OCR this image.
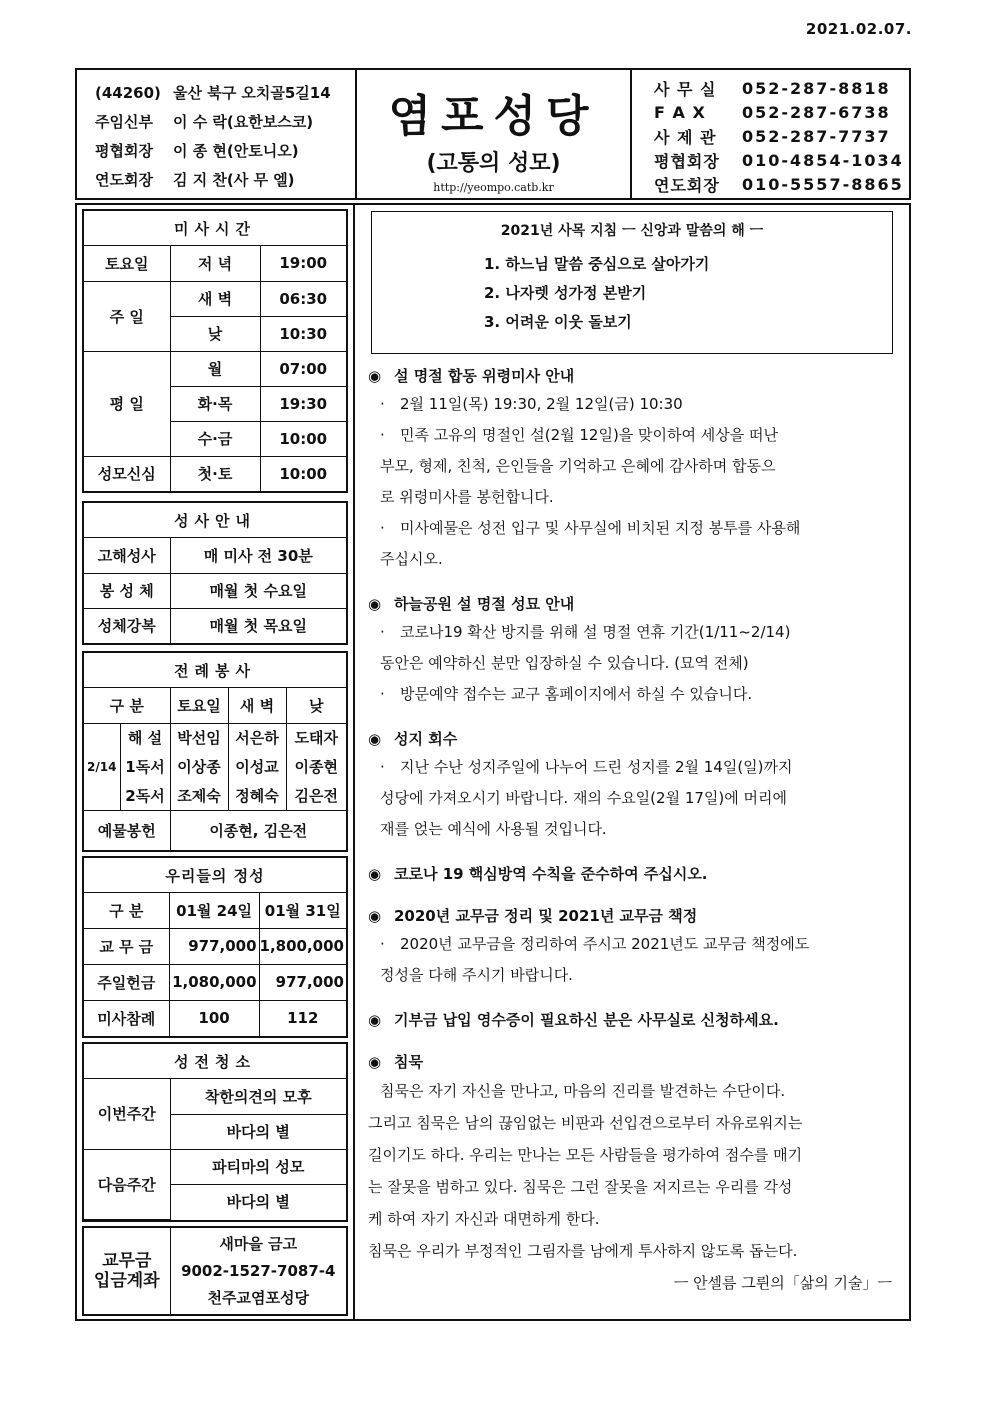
2021.02.07.
(44260) 울산 북구 오치골5길14
주임신부	이 수 락(요한보스코)
평협회장	이 종 현(안토니오)
연도회장	김 지 찬(사 무 엘)
염포성당
(고통의 성모)
http://yeompo.catb.kr
사 무 실	052-287-8818
F A X	052-287-6738
사 제 관	052-287-7737
평협회장	010-4854-1034
연도회장	010-5557-8865
미사시간
토요일	저 녁	19:00
주 일	새 벽	06:30
	낮	10:30
평 일	월	07:00
	화·목	19:30
	수·금	10:00
성모신심	첫·토	10:00
성사안내
고해성사	매 미사 전 30분
봉 성 체	매월 첫 수요일
성체강복	매월 첫 목요일
전례봉사
구 분		토요일	새 벽	낮
2/14	해 설	박선임	서은하	도태자
	1독서	이상종	이성교	이종현
	2독서	조제숙	정혜숙	김은전
예물봉헌		이종현, 김은전		
우리들의 정성
구 분	01월 24일	01월 31일
교 무 금	977,000	1,800,000
주일헌금	1,080,000	977,000
미사참례	100	112
성전청소
이번주간	착한의견의 모후
	바다의 별
다음주간	파티마의 성모
	바다의 별
교무금
입금계좌

새마을 금고
9002-1527-7087-4
천주교염포성당
2021년 사목 지침 ㅡ 신앙과 말씀의 해 ㅡ
1. 하느님 말씀 중심으로 살아가기
2. 나자렛 성가정 본받기
3. 어려운 이웃 돌보기
◉ 설 명절 합동 위령미사 안내
· 2월 11일(목) 19:30, 2월 12일(금) 10:30
· 민족 고유의 명절인 설(2월 12일)을 맞이하여 세상을 떠난
부모, 형제, 친척, 은인들을 기억하고 은혜에 감사하며 합동으
로 위령미사를 봉헌합니다.
· 미사예물은 성전 입구 및 사무실에 비치된 지정 봉투를 사용해
주십시오.
◉ 하늘공원 설 명절 성묘 안내
· 코로나19 확산 방지를 위해 설 명절 연휴 기간(1/11~2/14)
동안은 예약하신 분만 입장하실 수 있습니다. (묘역 전체)
· 방문예약 접수는 교구 홈페이지에서 하실 수 있습니다.
◉ 성지 회수
· 지난 수난 성지주일에 나누어 드린 성지를 2월 14일(일)까지
성당에 가져오시기 바랍니다. 재의 수요일(2월 17일)에 머리에
재를 얹는 예식에 사용될 것입니다.
◉ 코로나 19 핵심방역 수칙을 준수하여 주십시오.
◉ 2020년 교무금 정리 및 2021년 교무금 책정
· 2020년 교무금을 정리하여 주시고 2021년도 교무금 책정에도
정성을 다해 주시기 바랍니다.
◉ 기부금 납입 영수증이 필요하신 분은 사무실로 신청하세요.
◉ 침묵
침묵은 자기 자신을 만나고, 마음의 진리를 발견하는 수단이다.
그리고 침묵은 남의 끊임없는 비판과 선입견으로부터 자유로워지는
길이기도 하다. 우리는 만나는 모든 사람들을 평가하여 점수를 매기
는 잘못을 범하고 있다. 침묵은 그런 잘못을 저지르는 우리를 각성
케 하여 자기 자신과 대면하게 한다.
침묵은 우리가 부정적인 그림자를 남에게 투사하지 않도록 돕는다.
ㅡ 안셀름 그륀의「삶의 기술」ㅡ
